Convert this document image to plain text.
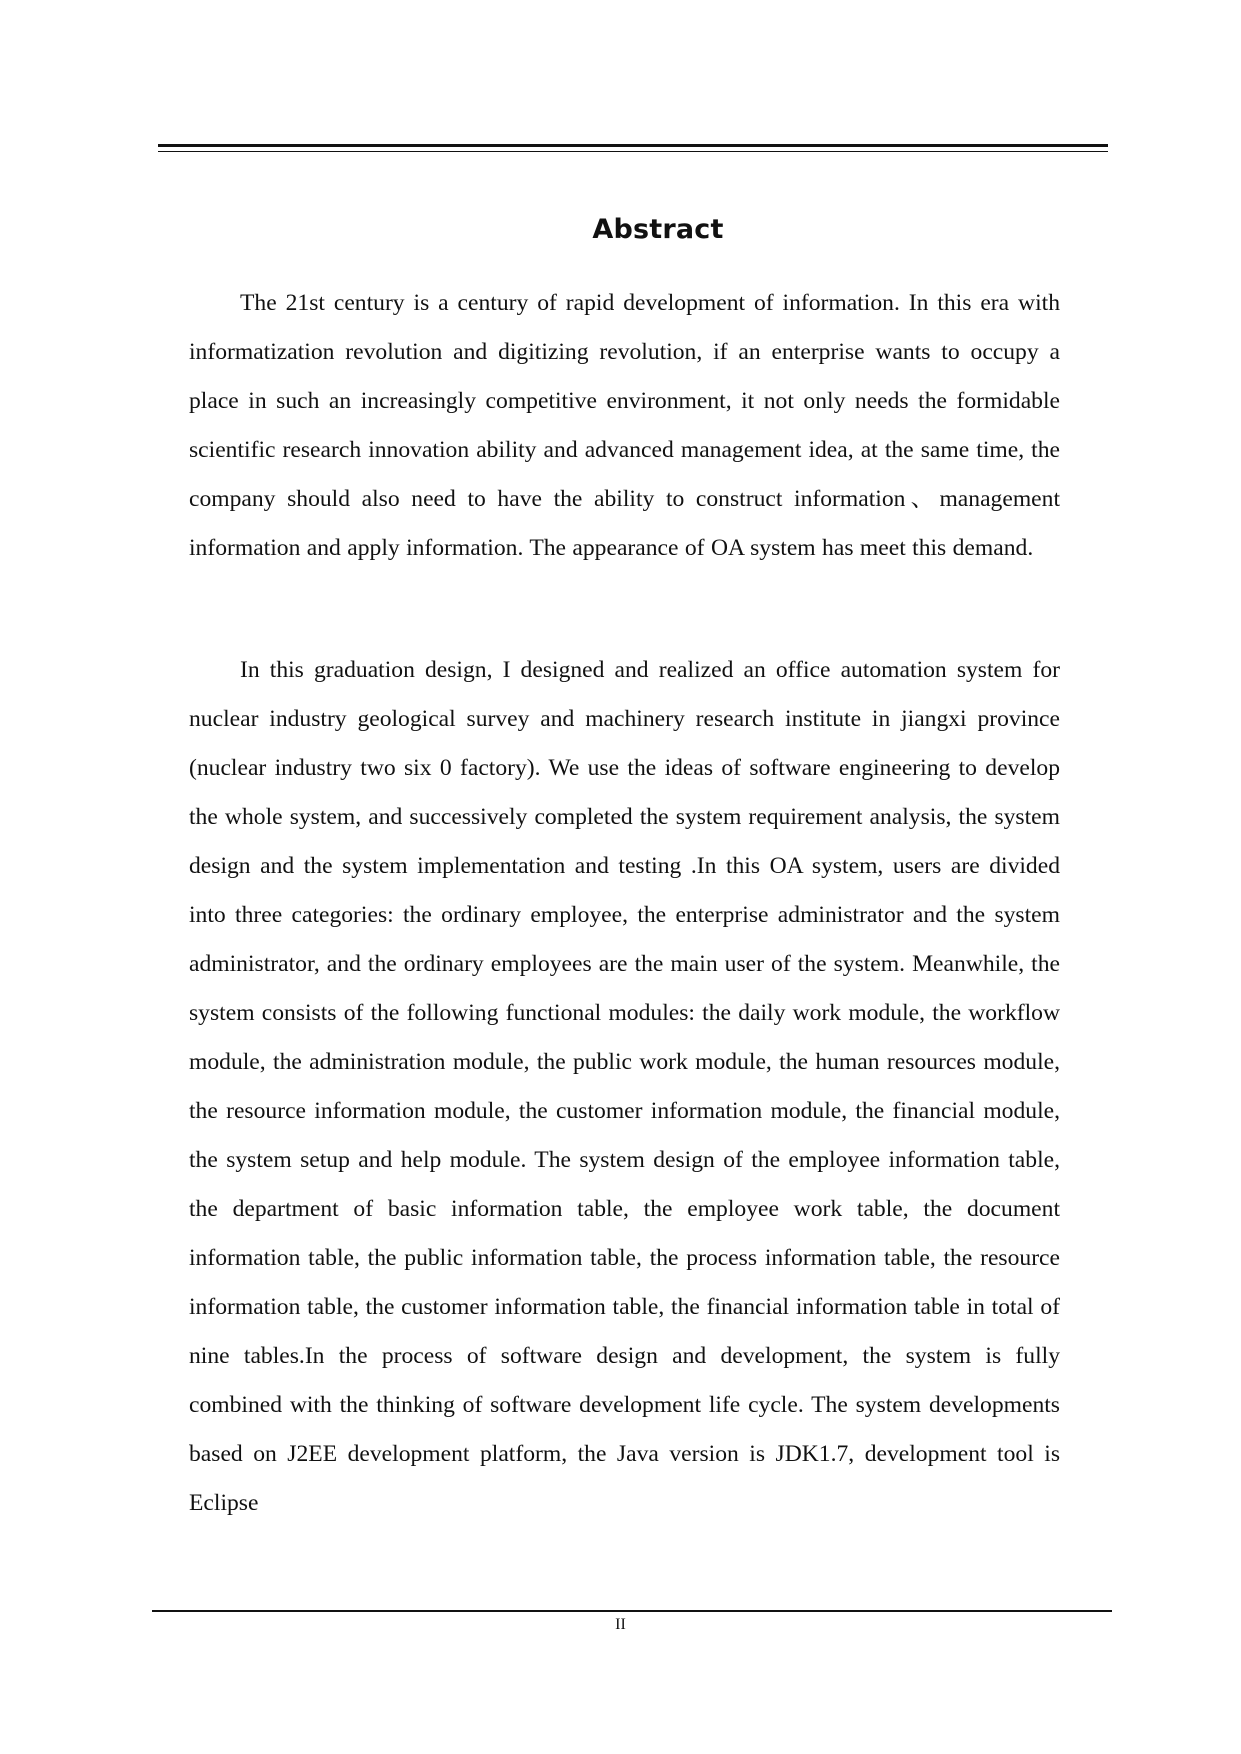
Abstract

The 21st century is a century of rapid development of information. In this era with informatization revolution and digitizing revolution, if an enterprise wants to occupy a place in such an increasingly competitive environment, it not only needs the formidable scientific research innovation ability and advanced management idea, at the same time, the company should also need to have the ability to construct information、management information and apply information. The appearance of OA system has meet this demand.

In this graduation design, I designed and realized an office automation system for nuclear industry geological survey and machinery research institute in jiangxi province (nuclear industry two six 0 factory). We use the ideas of software engineering to develop the whole system, and successively completed the system requirement analysis, the system design and the system implementation and testing .In this OA system, users are divided into three categories: the ordinary employee, the enterprise administrator and the system administrator, and the ordinary employees are the main user of the system. Meanwhile, the system consists of the following functional modules: the daily work module, the workflow module, the administration module, the public work module, the human resources module, the resource information module, the customer information module, the financial module, the system setup and help module. The system design of the employee information table, the department of basic information table, the employee work table, the document information table, the public information table, the process information table, the resource information table, the customer information table, the financial information table in total of nine tables.In the process of software design and development, the system is fully combined with the thinking of software development life cycle. The system developments based on J2EE development platform, the Java version is JDK1.7, development tool is Eclipse

II
